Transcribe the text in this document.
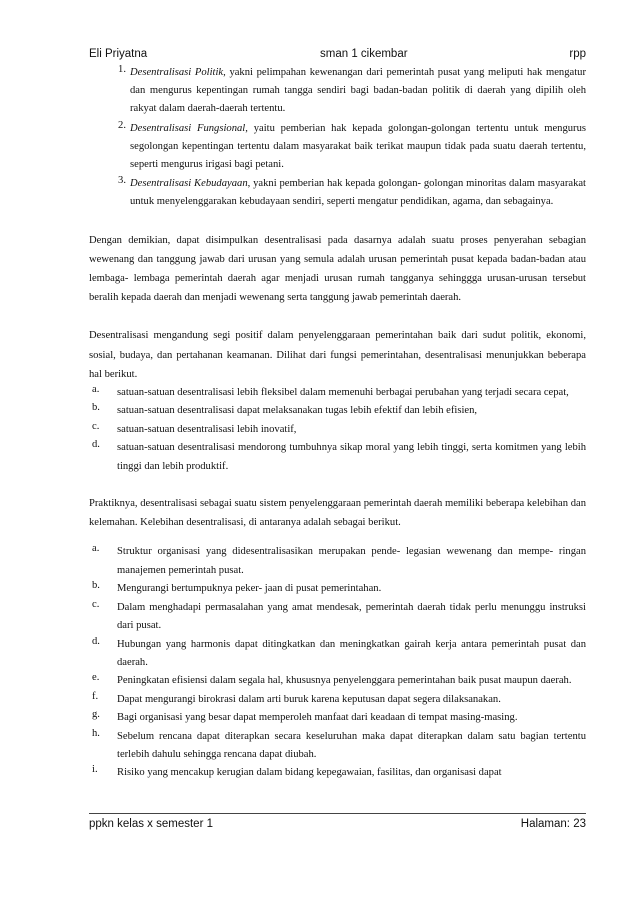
Eli Priyatna	sman 1 cikembar	rpp
1. Desentralisasi Politik, yakni pelimpahan kewenangan dari pemerintah pusat yang meliputi hak mengatur dan mengurus kepentingan rumah tangga sendiri bagi badan-badan politik di daerah yang dipilih oleh rakyat dalam daerah-daerah tertentu.
2. Desentralisasi Fungsional, yaitu pemberian hak kepada golongan-golongan tertentu untuk mengurus segolongan kepentingan tertentu dalam masyarakat baik terikat maupun tidak pada suatu daerah tertentu, seperti mengurus irigasi bagi petani.
3. Desentralisasi Kebudayaan, yakni pemberian hak kepada golongan- golongan minoritas dalam masyarakat untuk menyelenggarakan kebudayaan sendiri, seperti mengatur pendidikan, agama, dan sebagainya.

Dengan demikian, dapat disimpulkan desentralisasi pada dasarnya adalah suatu proses penyerahan sebagian wewenang dan tanggung jawab dari urusan yang semula adalah urusan pemerintah pusat kepada badan-badan atau lembaga- lembaga pemerintah daerah agar menjadi urusan rumah tangganya sehinggga urusan-urusan tersebut beralih kepada daerah dan menjadi wewenang serta tanggung jawab pemerintah daerah.

Desentralisasi mengandung segi positif dalam penyelenggaraan pemerintahan baik dari sudut politik, ekonomi, sosial, budaya, dan pertahanan keamanan. Dilihat dari fungsi pemerintahan, desentralisasi menunjukkan beberapa hal berikut.

a.	satuan-satuan desentralisasi lebih fleksibel dalam memenuhi berbagai perubahan yang terjadi secara cepat,
b.	satuan-satuan desentralisasi dapat melaksanakan tugas lebih efektif dan lebih efisien,
c.	satuan-satuan desentralisasi lebih inovatif,
d.	satuan-satuan desentralisasi mendorong tumbuhnya sikap moral yang lebih tinggi, serta komitmen yang lebih tinggi dan lebih produktif.

Praktiknya, desentralisasi sebagai suatu sistem penyelenggaraan pemerintah daerah memiliki beberapa kelebihan dan kelemahan. Kelebihan desentralisasi, di antaranya adalah sebagai berikut.

a.	Struktur organisasi yang didesentralisasikan merupakan pende- legasian wewenang dan mempe- ringan manajemen pemerintah pusat.
b.	Mengurangi bertumpuknya peker- jaan di pusat pemerintahan.
c.	Dalam menghadapi permasalahan yang amat mendesak, pemerintah daerah tidak perlu menunggu instruksi dari pusat.
d.	Hubungan yang harmonis dapat ditingkatkan dan meningkatkan gairah kerja antara pemerintah pusat dan daerah.
e.	Peningkatan efisiensi dalam segala hal, khususnya penyelenggara pemerintahan baik pusat maupun daerah.
f.	Dapat mengurangi birokrasi dalam arti buruk karena keputusan dapat segera dilaksanakan.
g.	Bagi organisasi yang besar dapat memperoleh manfaat dari keadaan di tempat masing-masing.
h.	Sebelum rencana dapat diterapkan secara keseluruhan maka dapat diterapkan dalam satu bagian tertentu terlebih dahulu sehingga rencana dapat diubah.
i.	Risiko yang mencakup kerugian dalam bidang kepegawaian, fasilitas, dan organisasi dapat
ppkn kelas x semester 1	Halaman: 23
